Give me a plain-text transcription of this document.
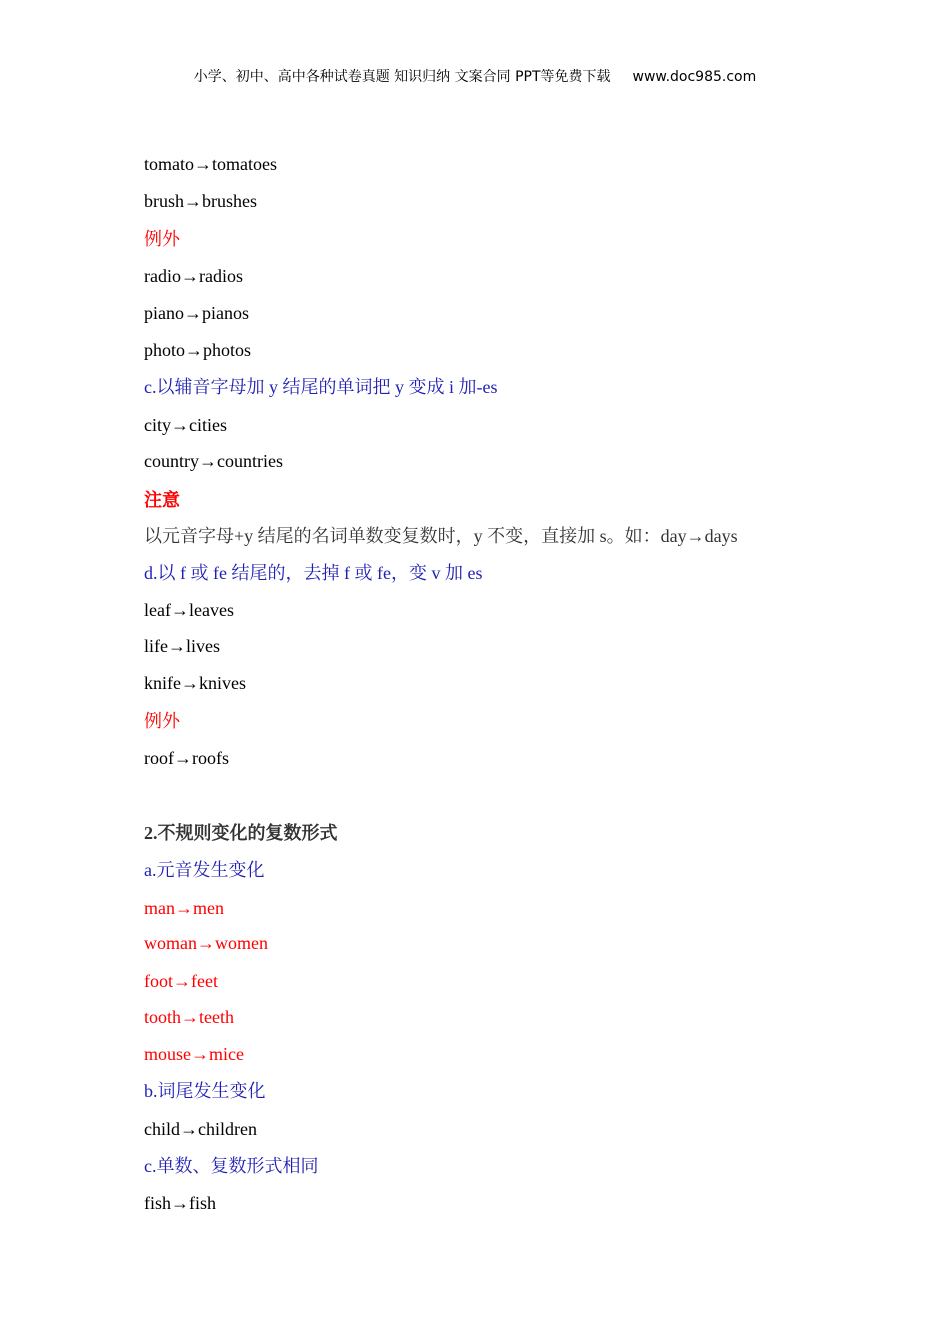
小学、初中、高中各种试卷真题 知识归纳 文案合同 PPT等免费下载 www.doc985.com
tomato→tomatoes
brush→brushes
例外
radio→radios
piano→pianos
photo→photos
c.以辅音字母加 y 结尾的单词把 y 变成 i 加-es
city→cities
country→countries
注意
以元音字母+y 结尾的名词单数变复数时，y 不变，直接加 s。如：day→days
d.以 f 或 fe 结尾的，去掉 f 或 fe，变 v 加 es
leaf→leaves
life→lives
knife→knives
例外
roof→roofs
2.不规则变化的复数形式
a.元音发生变化
man→men
woman→women
foot→feet
tooth→teeth
mouse→mice
b.词尾发生变化
child→children
c.单数、复数形式相同
fish→fish
